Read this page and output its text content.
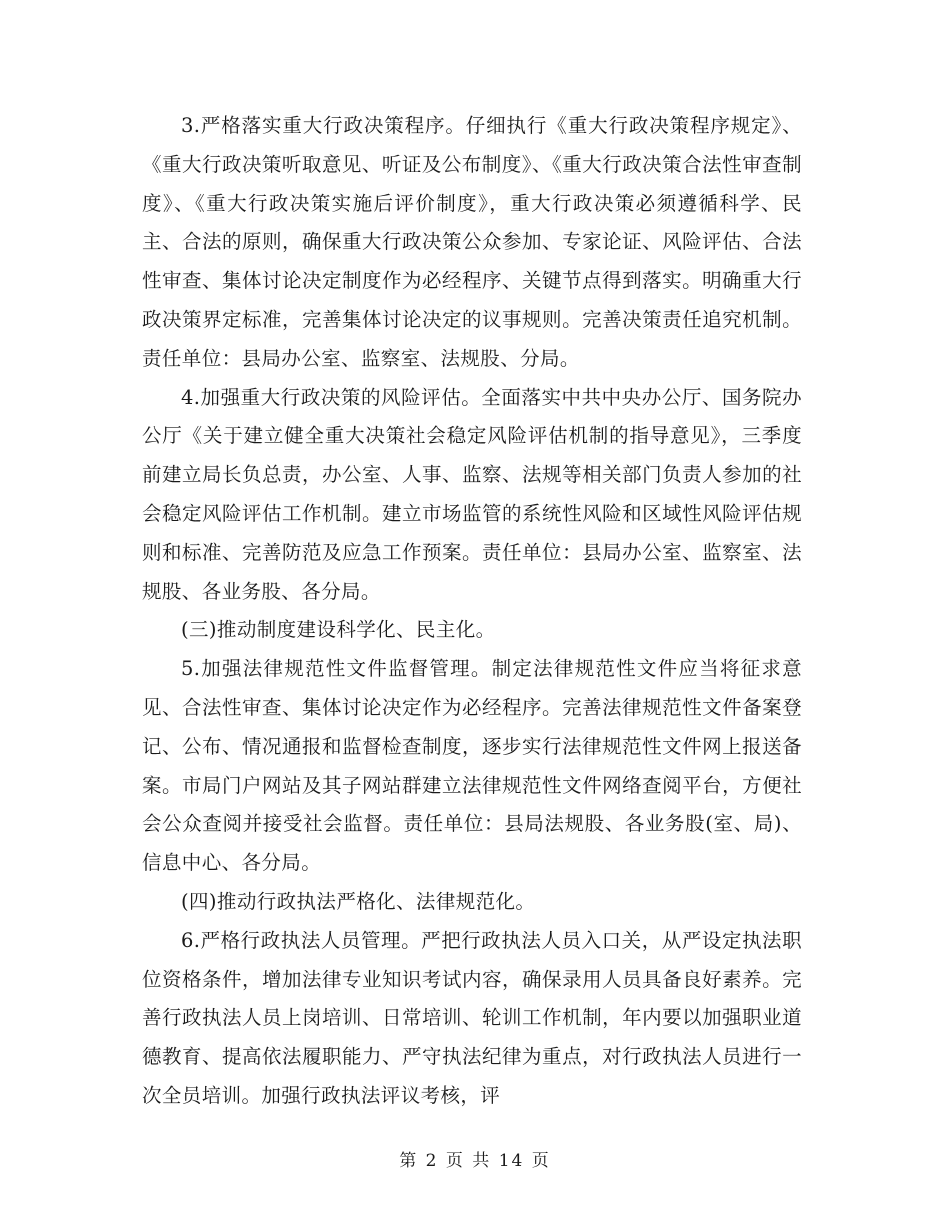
3.严格落实重大行政决策程序。仔细执行《重大行政决策程序规定》、《重大行政决策听取意见、听证及公布制度》、《重大行政决策合法性审查制度》、《重大行政决策实施后评价制度》，重大行政决策必须遵循科学、民主、合法的原则，确保重大行政决策公众参加、专家论证、风险评估、合法性审查、集体讨论决定制度作为必经程序、关键节点得到落实。明确重大行政决策界定标准，完善集体讨论决定的议事规则。完善决策责任追究机制。责任单位：县局办公室、监察室、法规股、分局。

4.加强重大行政决策的风险评估。全面落实中共中央办公厅、国务院办公厅《关于建立健全重大决策社会稳定风险评估机制的指导意见》，三季度前建立局长负总责，办公室、人事、监察、法规等相关部门负责人参加的社会稳定风险评估工作机制。建立市场监管的系统性风险和区域性风险评估规则和标准、完善防范及应急工作预案。责任单位：县局办公室、监察室、法规股、各业务股、各分局。

(三)推动制度建设科学化、民主化。

5.加强法律规范性文件监督管理。制定法律规范性文件应当将征求意见、合法性审查、集体讨论决定作为必经程序。完善法律规范性文件备案登记、公布、情况通报和监督检查制度，逐步实行法律规范性文件网上报送备案。市局门户网站及其子网站群建立法律规范性文件网络查阅平台，方便社会公众查阅并接受社会监督。责任单位：县局法规股、各业务股(室、局)、信息中心、各分局。

(四)推动行政执法严格化、法律规范化。

6.严格行政执法人员管理。严把行政执法人员入口关，从严设定执法职位资格条件，增加法律专业知识考试内容，确保录用人员具备良好素养。完善行政执法人员上岗培训、日常培训、轮训工作机制，年内要以加强职业道德教育、提高依法履职能力、严守执法纪律为重点，对行政执法人员进行一次全员培训。加强行政执法评议考核，评

第 2 页 共 14 页
